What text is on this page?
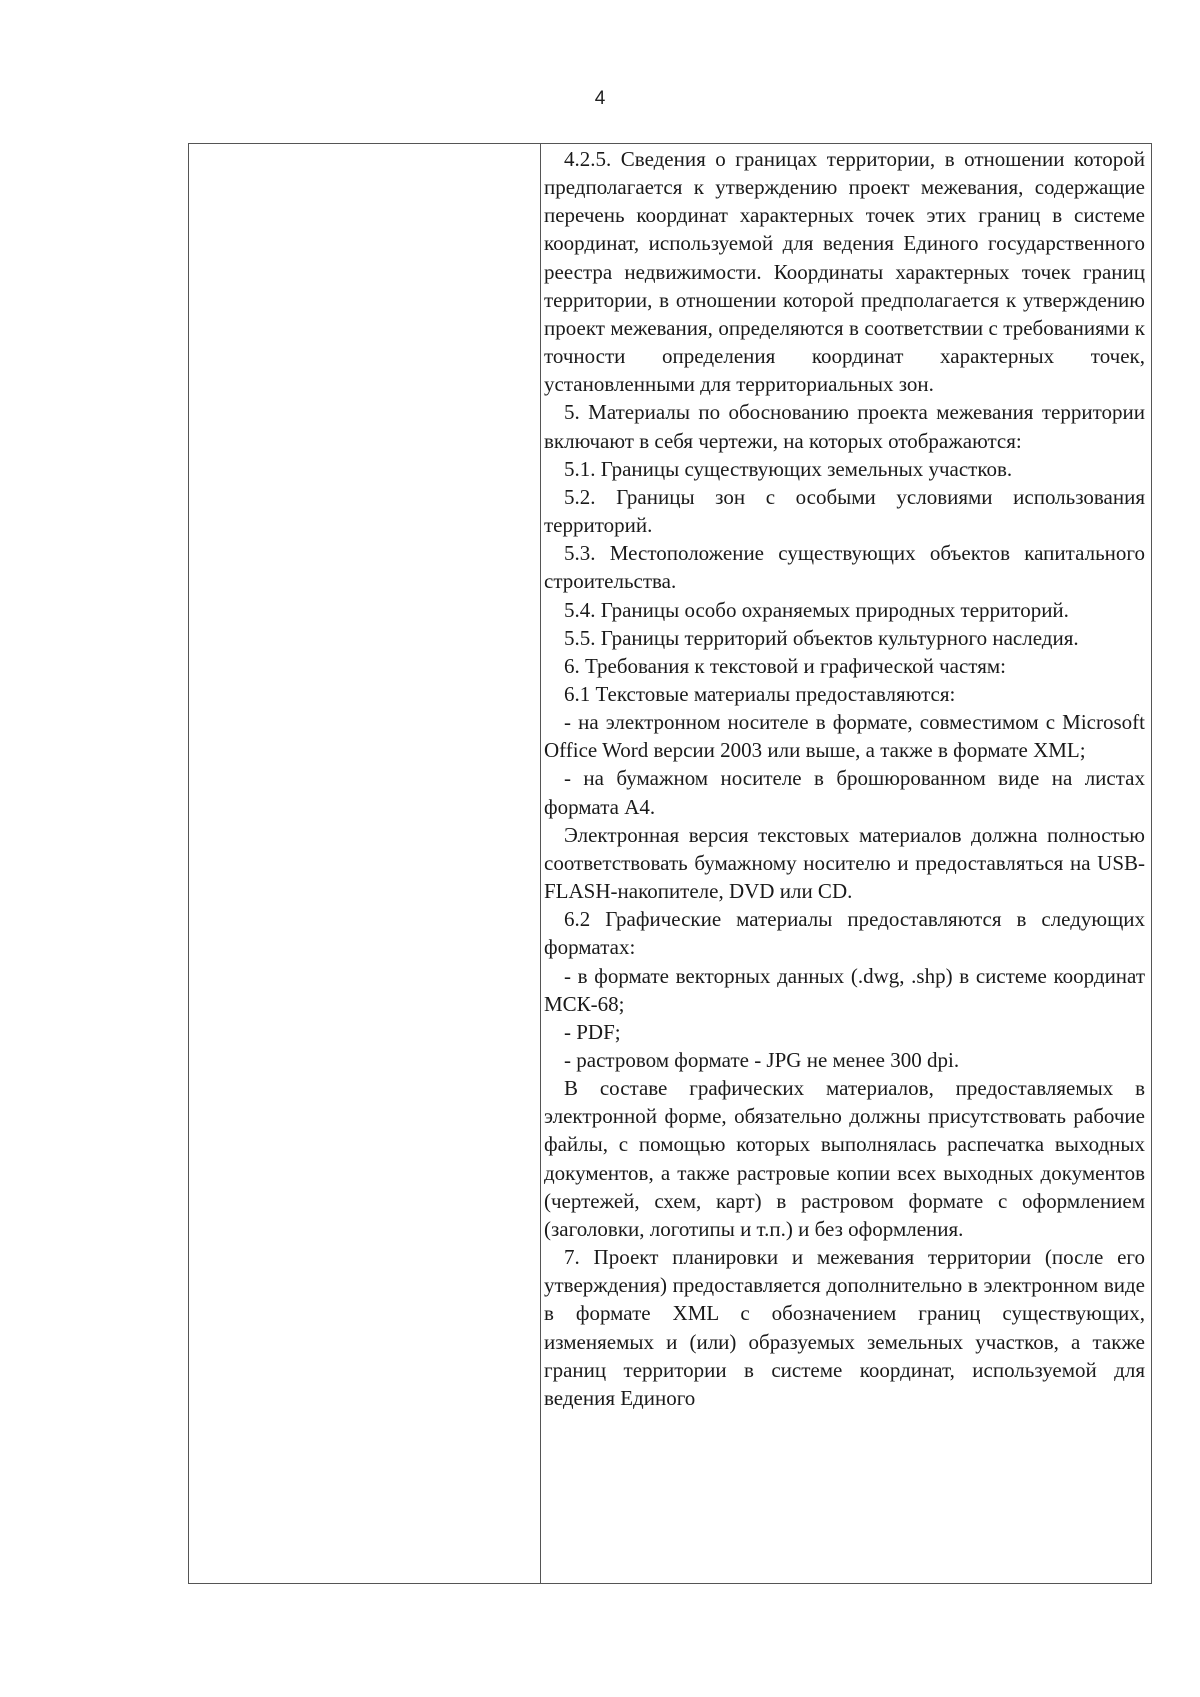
4

4.2.5. Сведения о границах территории, в отношении которой предполагается к утверждению проект межевания, содержащие перечень координат характерных точек этих границ в системе координат, используемой для ведения Единого государственного реестра недвижимости. Координаты характерных точек границ территории, в отношении которой предполагается к утверждению проект межевания, определяются в соответствии с требованиями к точности определения координат характерных точек, установленными для территориальных зон.

5. Материалы по обоснованию проекта межевания территории включают в себя чертежи, на которых отображаются:

5.1. Границы существующих земельных участков.

5.2. Границы зон с особыми условиями использования территорий.

5.3. Местоположение существующих объектов капитального строительства.

5.4. Границы особо охраняемых природных территорий.

5.5. Границы территорий объектов культурного наследия.

6. Требования к текстовой и графической частям:

6.1 Текстовые материалы предоставляются:

- на электронном носителе в формате, совместимом с Microsoft Office Word версии 2003 или выше, а также в формате XML;

- на бумажном носителе в брошюрованном виде на листах формата А4.

Электронная версия текстовых материалов должна полностью соответствовать бумажному носителю и предоставляться на USB-FLASH-накопителе, DVD или CD.

6.2 Графические материалы предоставляются в следующих форматах:

- в формате векторных данных (.dwg, .shp) в системе координат МСК-68;

- PDF;

- растровом формате - JPG не менее 300 dpi.

В составе графических материалов, предоставляемых в электронной форме, обязательно должны присутствовать рабочие файлы, с помощью которых выполнялась распечатка выходных документов, а также растровые копии всех выходных документов (чертежей, схем, карт) в растровом формате с оформлением (заголовки, логотипы и т.п.) и без оформления.

7. Проект планировки и межевания территории (после его утверждения) предоставляется дополнительно в электронном виде в формате XML с обозначением границ существующих, изменяемых и (или) образуемых земельных участков, а также границ территории в системе координат, используемой для ведения Единого
